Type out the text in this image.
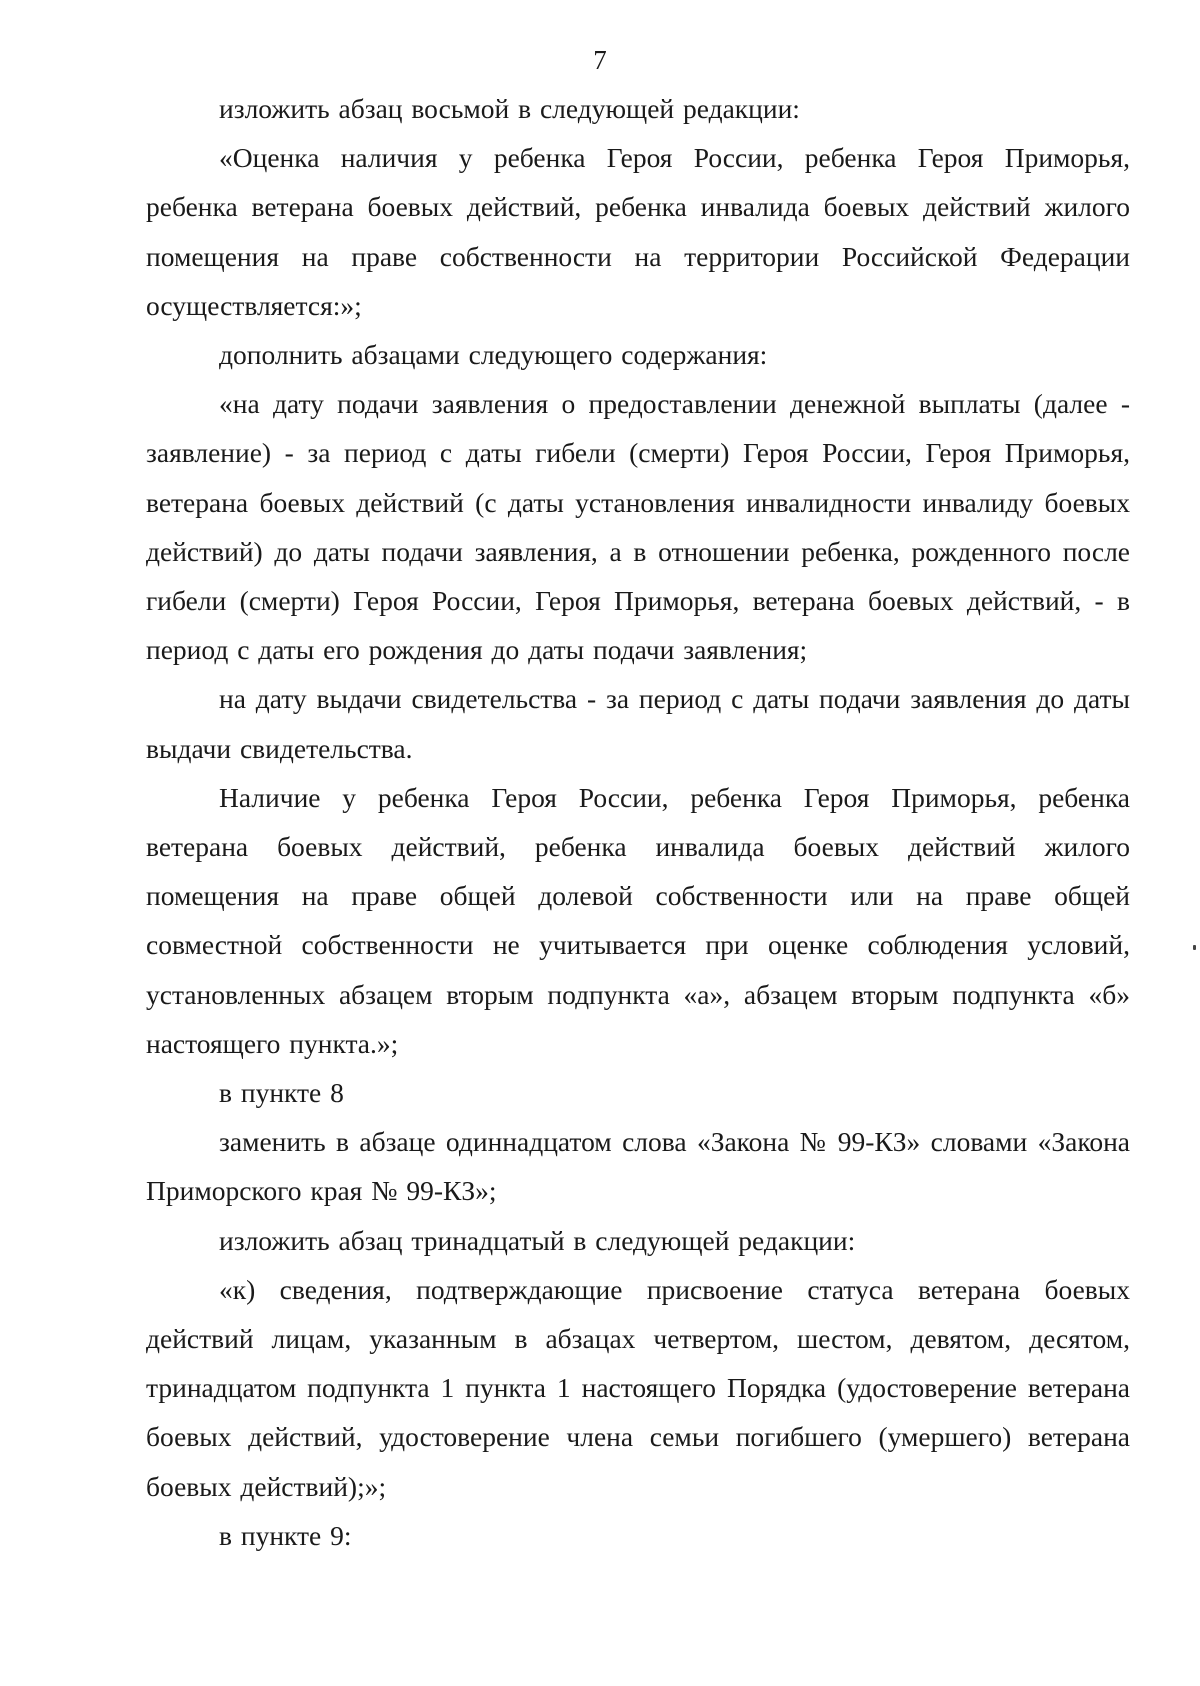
7

изложить абзац восьмой в следующей редакции:

«Оценка наличия у ребенка Героя России, ребенка Героя Приморья, ребенка ветерана боевых действий, ребенка инвалида боевых действий жилого помещения на праве собственности на территории Российской Федерации осуществляется:»;

дополнить абзацами следующего содержания:

«на дату подачи заявления о предоставлении денежной выплаты (далее - заявление) - за период с даты гибели (смерти) Героя России, Героя Приморья, ветерана боевых действий (с даты установления инвалидности инвалиду боевых действий) до даты подачи заявления, а в отношении ребенка, рожденного после гибели (смерти) Героя России, Героя Приморья, ветерана боевых действий, - в период с даты его рождения до даты подачи заявления;

на дату выдачи свидетельства - за период с даты подачи заявления до даты выдачи свидетельства.

Наличие у ребенка Героя России, ребенка Героя Приморья, ребенка ветерана боевых действий, ребенка инвалида боевых действий жилого помещения на праве общей долевой собственности или на праве общей совместной собственности не учитывается при оценке соблюдения условий, установленных абзацем вторым подпункта «а», абзацем вторым подпункта «б» настоящего пункта.»;

в пункте 8

заменить в абзаце одиннадцатом слова «Закона № 99-КЗ» словами «Закона Приморского края № 99-КЗ»;

изложить абзац тринадцатый в следующей редакции:

«к) сведения, подтверждающие присвоение статуса ветерана боевых действий лицам, указанным в абзацах четвертом, шестом, девятом, десятом, тринадцатом подпункта 1 пункта 1 настоящего Порядка (удостоверение ветерана боевых действий, удостоверение члена семьи погибшего (умершего) ветерана боевых действий);»;

в пункте 9:
